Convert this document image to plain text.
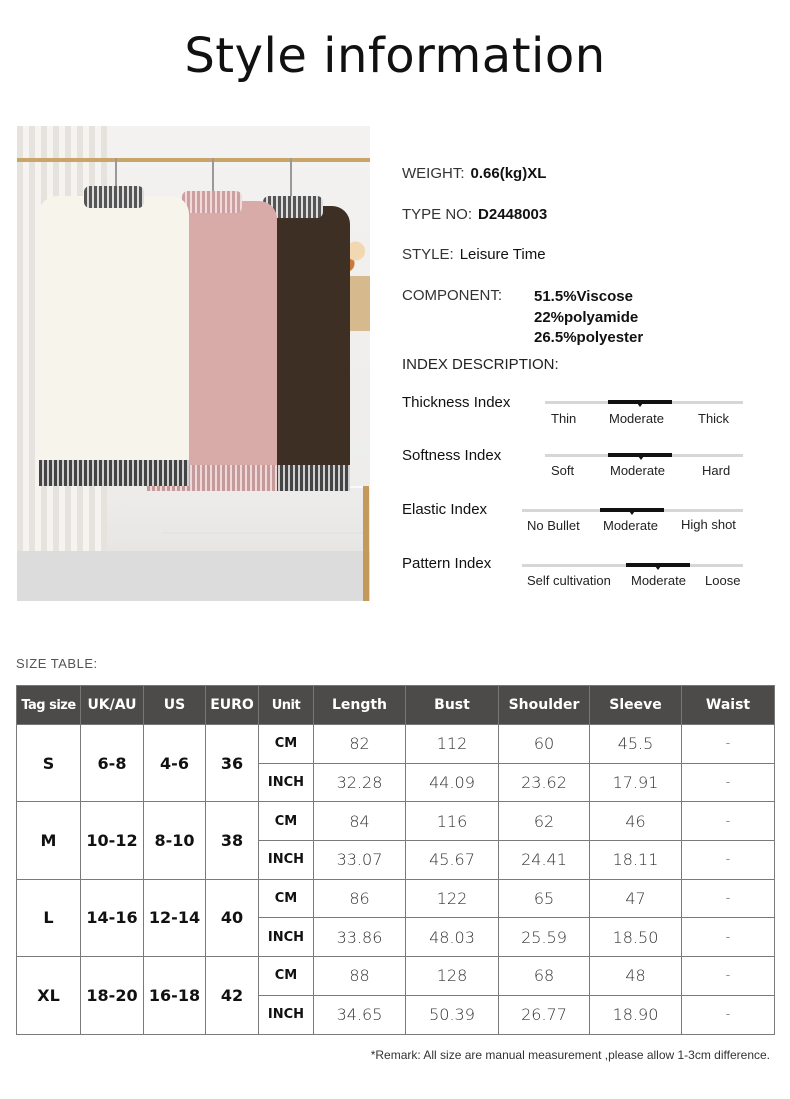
Style information
WEIGHT: 0.66(kg)XL
TYPE NO: D2448003
STYLE: Leisure Time
COMPONENT: 51.5%Viscose
22%polyamide
26.5%polyester
INDEX DESCRIPTION:
Thickness Index
Thin	Moderate	Thick
Softness Index
Soft	Moderate	Hard
Elastic Index
No Bullet Moderate High shot
Pattern Index
Self cultivation Moderate Loose
SIZE TABLE:
Tag size	UK/AU	US	EURO	Unit	Length	Bust	Shoulder	Sleeve	Waist
S	6-8	4-6	36	CM	82	112	60	45.5	-
				INCH	32.28	44.09	23.62	17.91	-
M	10-12	8-10	38	CM	84	116	62	46	-
				INCH	33.07	45.67	24.41	18.11	-
L	14-16	12-14	40	CM	86	122	65	47	-
				INCH	33.86	48.03	25.59	18.50	-
XL	18-20	16-18	42	CM	88	128	68	48	-
				INCH	34.65	50.39	26.77	18.90	-
*Remark: All size are manual measurement ,please allow 1-3cm difference.
